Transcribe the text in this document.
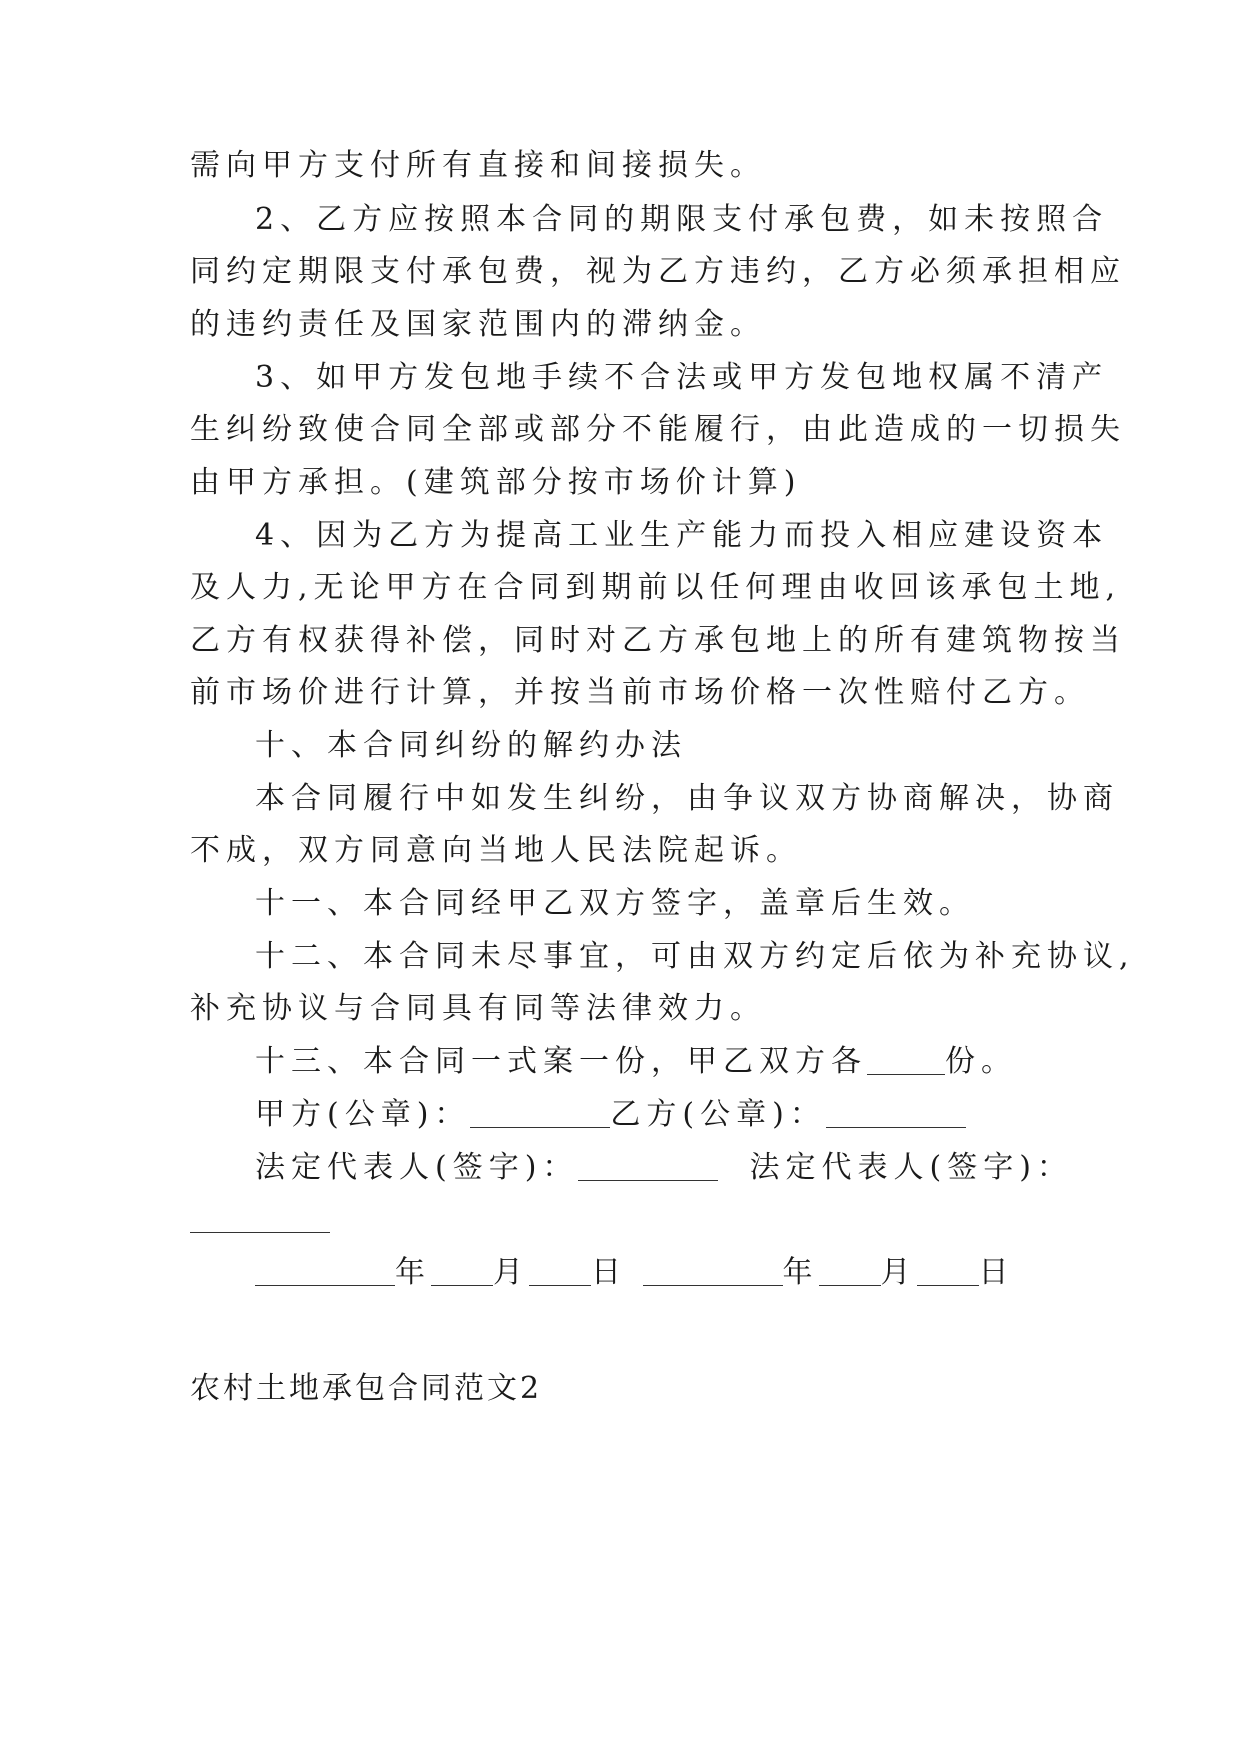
需向甲方支付所有直接和间接损失。
2、乙方应按照本合同的期限支付承包费，如未按照合
同约定期限支付承包费，视为乙方违约，乙方必须承担相应
的违约责任及国家范围内的滞纳金。
3、如甲方发包地手续不合法或甲方发包地权属不清产
生纠纷致使合同全部或部分不能履行，由此造成的一切损失
由甲方承担。(建筑部分按市场价计算)
4、因为乙方为提高工业生产能力而投入相应建设资本
及人力,无论甲方在合同到期前以任何理由收回该承包土地,
乙方有权获得补偿，同时对乙方承包地上的所有建筑物按当
前市场价进行计算，并按当前市场价格一次性赔付乙方。
十、本合同纠纷的解约办法
本合同履行中如发生纠纷，由争议双方协商解决，协商
不成，双方同意向当地人民法院起诉。
十一、本合同经甲乙双方签字，盖章后生效。
十二、本合同未尽事宜，可由双方约定后依为补充协议,
补充协议与合同具有同等法律效力。
十三、本合同一式案一份，甲乙双方各	份。
甲方(公章)：	乙方(公章)：
法定代表人(签字)：	法定代表人(签字)：
年 月 日	年 月 日
农村土地承包合同范文2
